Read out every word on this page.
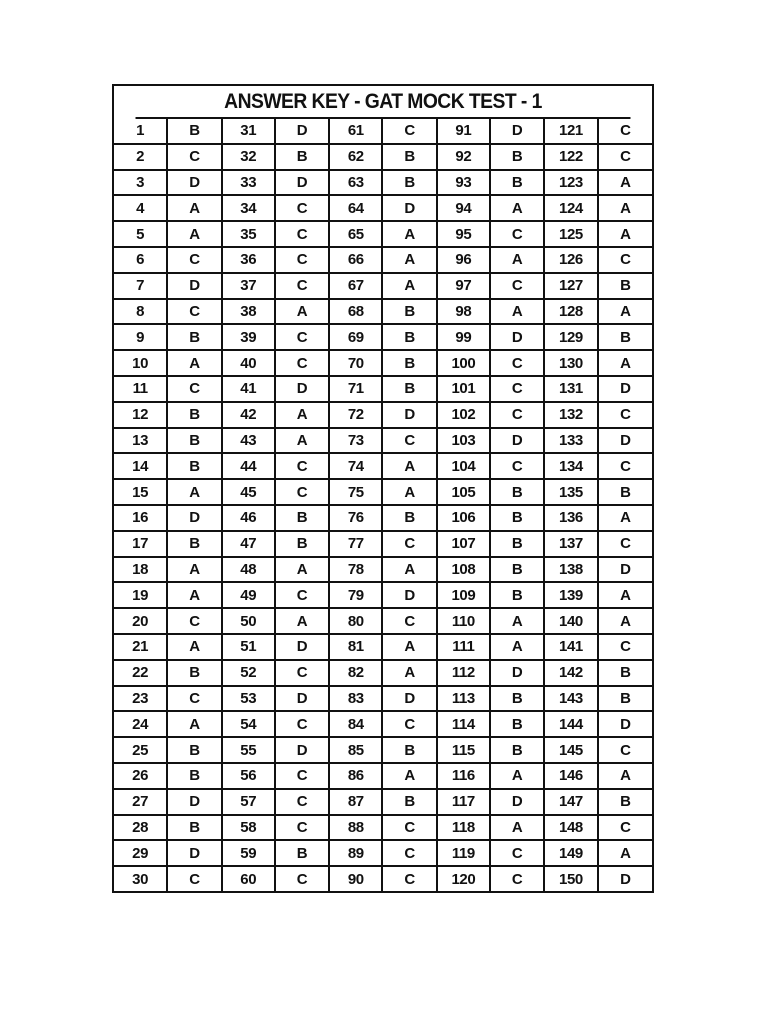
ANSWER KEY - GAT MOCK TEST - 1
1	B	31	D	61	C	91	D	121	C
2	C	32	B	62	B	92	B	122	C
3	D	33	D	63	B	93	B	123	A
4	A	34	C	64	D	94	A	124	A
5	A	35	C	65	A	95	C	125	A
6	C	36	C	66	A	96	A	126	C
7	D	37	C	67	A	97	C	127	B
8	C	38	A	68	B	98	A	128	A
9	B	39	C	69	B	99	D	129	B
10	A	40	C	70	B	100	C	130	A
11	C	41	D	71	B	101	C	131	D
12	B	42	A	72	D	102	C	132	C
13	B	43	A	73	C	103	D	133	D
14	B	44	C	74	A	104	C	134	C
15	A	45	C	75	A	105	B	135	B
16	D	46	B	76	B	106	B	136	A
17	B	47	B	77	C	107	B	137	C
18	A	48	A	78	A	108	B	138	D
19	A	49	C	79	D	109	B	139	A
20	C	50	A	80	C	110	A	140	A
21	A	51	D	81	A	111	A	141	C
22	B	52	C	82	A	112	D	142	B
23	C	53	D	83	D	113	B	143	B
24	A	54	C	84	C	114	B	144	D
25	B	55	D	85	B	115	B	145	C
26	B	56	C	86	A	116	A	146	A
27	D	57	C	87	B	117	D	147	B
28	B	58	C	88	C	118	A	148	C
29	D	59	B	89	C	119	C	149	A
30	C	60	C	90	C	120	C	150	D
